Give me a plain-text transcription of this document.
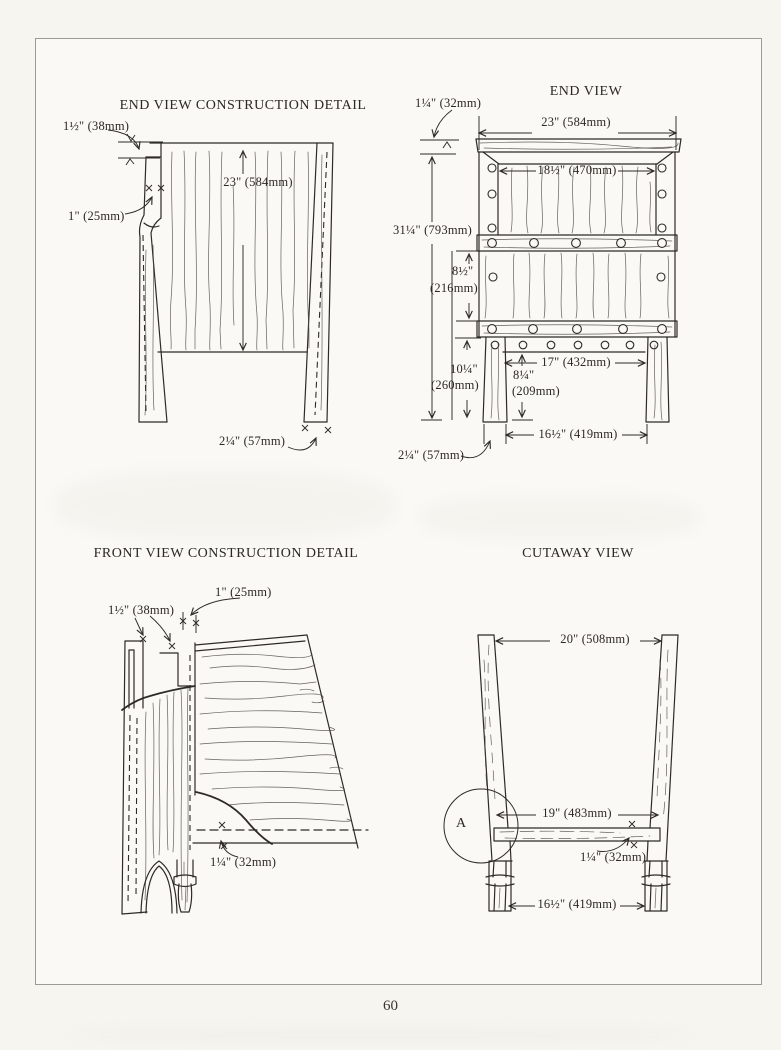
END VIEW CONSTRUCTION DETAIL
END VIEW
FRONT VIEW CONSTRUCTION DETAIL	CUTAWAY VIEW
1½" (38mm)
1" (25mm)
23" (584mm)
2¼" (57mm)
1¼" (32mm)
23" (584mm)
18½" (470mm)
31¼" (793mm)
8½"
(216mm)
10¼"
(260mm)
17" (432mm)
8¼"
(209mm)
16½" (419mm)
2¼" (57mm)
1" (25mm)
1½" (38mm)
1¼" (32mm)
20" (508mm)
19" (483mm)
1¼" (32mm)
16½" (419mm)
A
60
